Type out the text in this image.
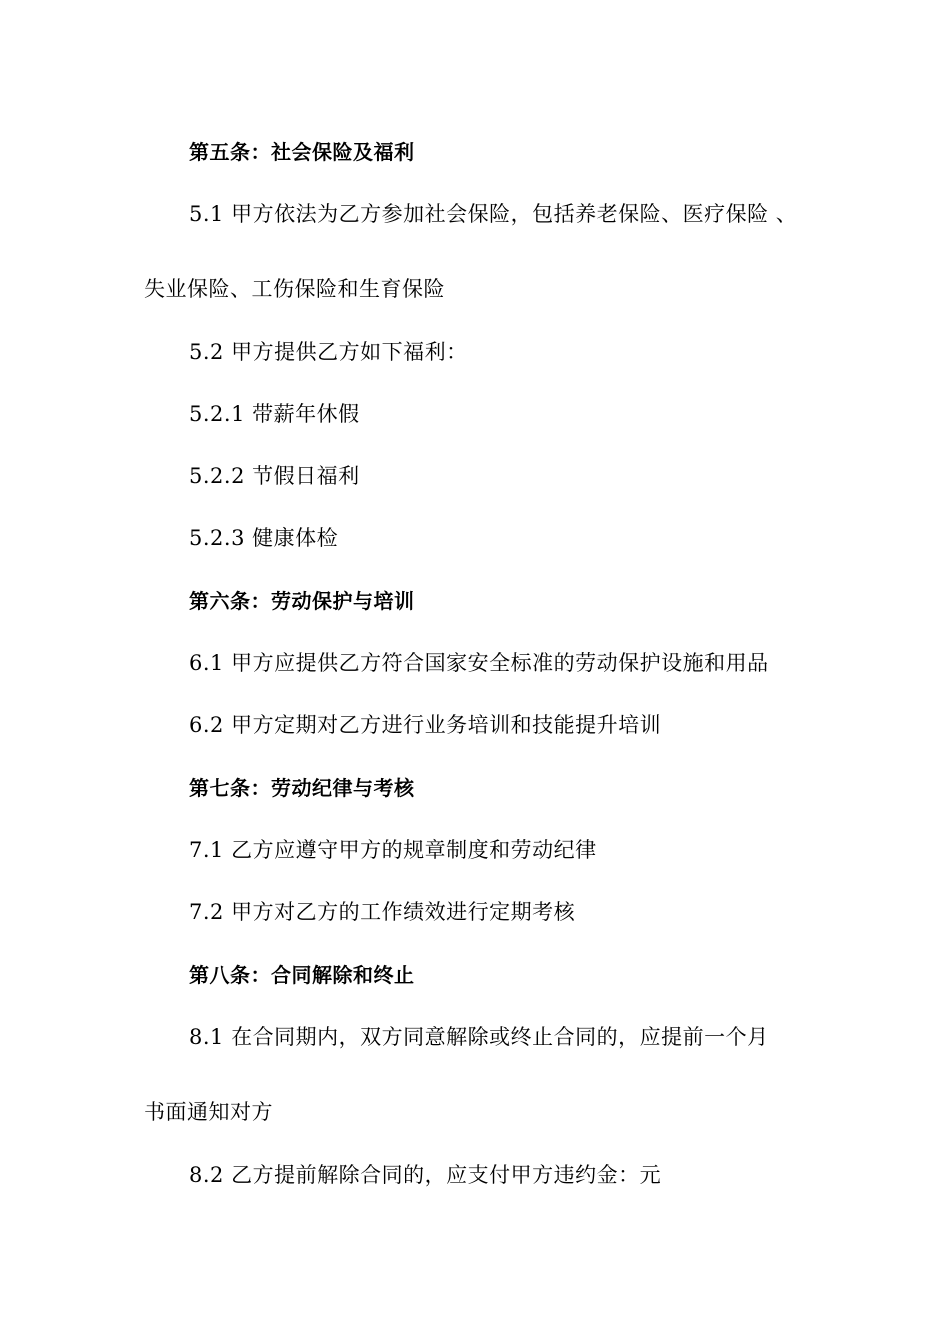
第五条：社会保险及福利
5.1 甲方依法为乙方参加社会保险，包括养老保险、医疗保险 、
失业保险、工伤保险和生育保险
5.2 甲方提供乙方如下福利：
5.2.1 带薪年休假
5.2.2 节假日福利
5.2.3 健康体检
第六条：劳动保护与培训
6.1 甲方应提供乙方符合国家安全标准的劳动保护设施和用品
6.2 甲方定期对乙方进行业务培训和技能提升培训
第七条：劳动纪律与考核
7.1 乙方应遵守甲方的规章制度和劳动纪律
7.2 甲方对乙方的工作绩效进行定期考核
第八条：合同解除和终止
8.1 在合同期内，双方同意解除或终止合同的，应提前一个月
书面通知对方
8.2 乙方提前解除合同的，应支付甲方违约金：元
